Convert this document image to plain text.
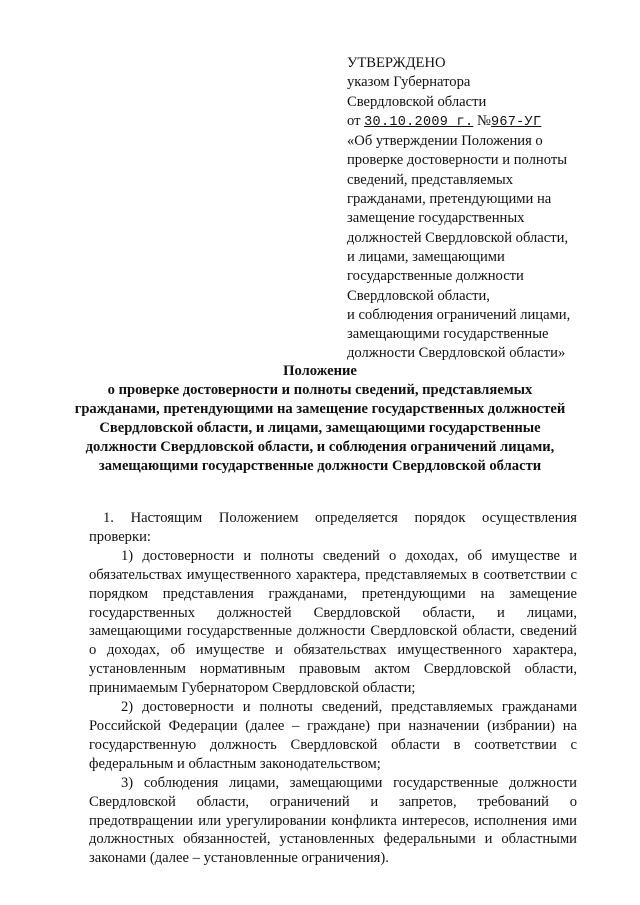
УТВЕРЖДЕНО
указом Губернатора
Свердловской области
от 30.10.2009 г. №967-УГ
«Об утверждении Положения о
проверке достоверности и полноты
сведений, представляемых
гражданами, претендующими на
замещение государственных
должностей Свердловской области,
и лицами, замещающими
государственные должности
Свердловской области,
и соблюдения ограничений лицами,
замещающими государственные
должности Свердловской области»
Положение
о проверке достоверности и полноты сведений, представляемых
гражданами, претендующими на замещение государственных должностей
Свердловской области, и лицами, замещающими государственные
должности Свердловской области, и соблюдения ограничений лицами,
замещающими государственные должности Свердловской области

1. Настоящим Положением определяется порядок осуществления проверки:

1) достоверности и полноты сведений о доходах, об имуществе и обязательствах имущественного характера, представляемых в соответствии с порядком представления гражданами, претендующими на замещение государственных должностей Свердловской области, и лицами, замещающими государственные должности Свердловской области, сведений о доходах, об имуществе и обязательствах имущественного характера, установленным нормативным правовым актом Свердловской области, принимаемым Губернатором Свердловской области;

2) достоверности и полноты сведений, представляемых гражданами Российской Федерации (далее – граждане) при назначении (избрании) на государственную должность Свердловской области в соответствии с федеральным и областным законодательством;

3) соблюдения лицами, замещающими государственные должности Свердловской области, ограничений и запретов, требований о предотвращении или урегулировании конфликта интересов, исполнения ими должностных обязанностей, установленных федеральными и областными законами (далее – установленные ограничения).
